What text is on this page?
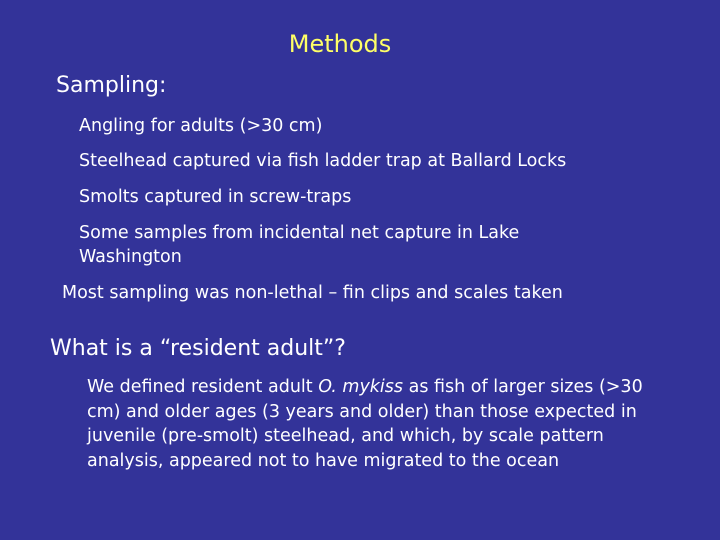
Methods
Sampling:
Angling for adults (>30 cm)
Steelhead captured via fish ladder trap at Ballard Locks
Smolts captured in screw-traps
Some samples from incidental net capture in Lake Washington
Most sampling was non-lethal – fin clips and scales taken
What is a “resident adult”?
We defined resident adult O. mykiss as fish of larger sizes (>30 cm) and older ages (3 years and older) than those expected in juvenile (pre-smolt) steelhead, and which, by scale pattern analysis, appeared not to have migrated to the ocean
